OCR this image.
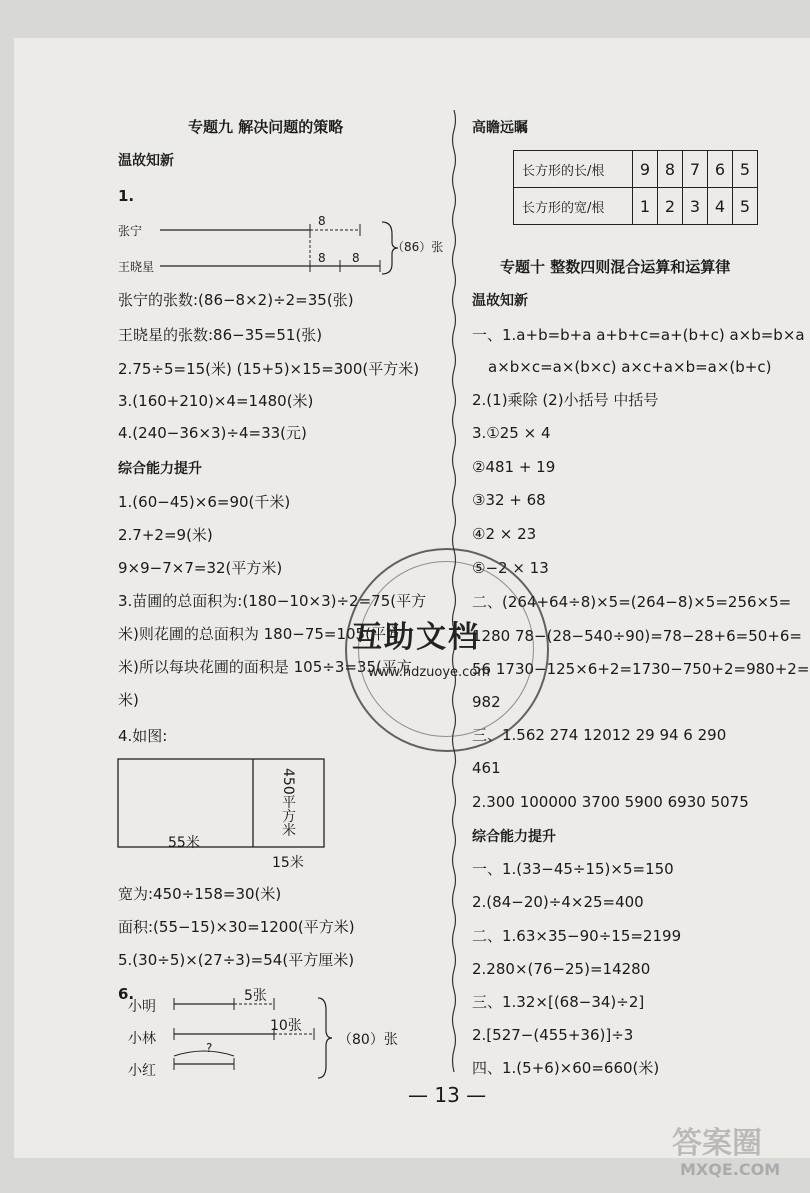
专题九 解决问题的策略
温故知新
1.
张宁
王晓星
8
8 8
（86）张
张宁的张数:(86−8×2)÷2=35(张)
王晓星的张数:86−35=51(张)
2.75÷5=15(米) (15+5)×15=300(平方米)
3.(160+210)×4=1480(米)
4.(240−36×3)÷4=33(元)
综合能力提升
1.(60−45)×6=90(千米)
2.7+2=9(米)
9×9−7×7=32(平方米)
3.苗圃的总面积为:(180−10×3)÷2=75(平方
米)则花圃的总面积为 180−75=105(平方
米)所以每块花圃的面积是 105÷3=35(平方
米)
4.如图:
450平方米
55米
15米
宽为:450÷158=30(米)
面积:(55−15)×30=1200(平方米)
5.(30÷5)×(27÷3)=54(平方厘米)
6.
小明
小林
小红
5张
10张
?	（80）张
高瞻远瞩
长方形的长/根	9	8	7	6	5
长方形的宽/根	1	2	3	4	5
专题十 整数四则混合运算和运算律
温故知新
一、1.a+b=b+a a+b+c=a+(b+c) a×b=b×a
a×b×c=a×(b×c) a×c+a×b=a×(b+c)
2.(1)乘除 (2)小括号 中括号
3.①25 × 4
②481 + 19
③32 + 68
④2 × 23
⑤−2 × 13
二、(264+64÷8)×5=(264−8)×5=256×5=
1280 78−(28−540÷90)=78−28+6=50+6=
56 1730−125×6+2=1730−750+2=980+2=
982
三、1.562 274 12012 29 94 6 290
461
2.300 100000 3700 5900 6930 5075
综合能力提升
一、1.(33−45÷15)×5=150
2.(84−20)÷4×25=400
二、1.63×35−90÷15=2199
2.280×(76−25)=14280
三、1.32×[(68−34)÷2]
2.[527−(455+36)]÷3
四、1.(5+6)×60=660(米)
互助文档
www.hdzuoye.com
— 13 —
答案圈
MXQE.COM
